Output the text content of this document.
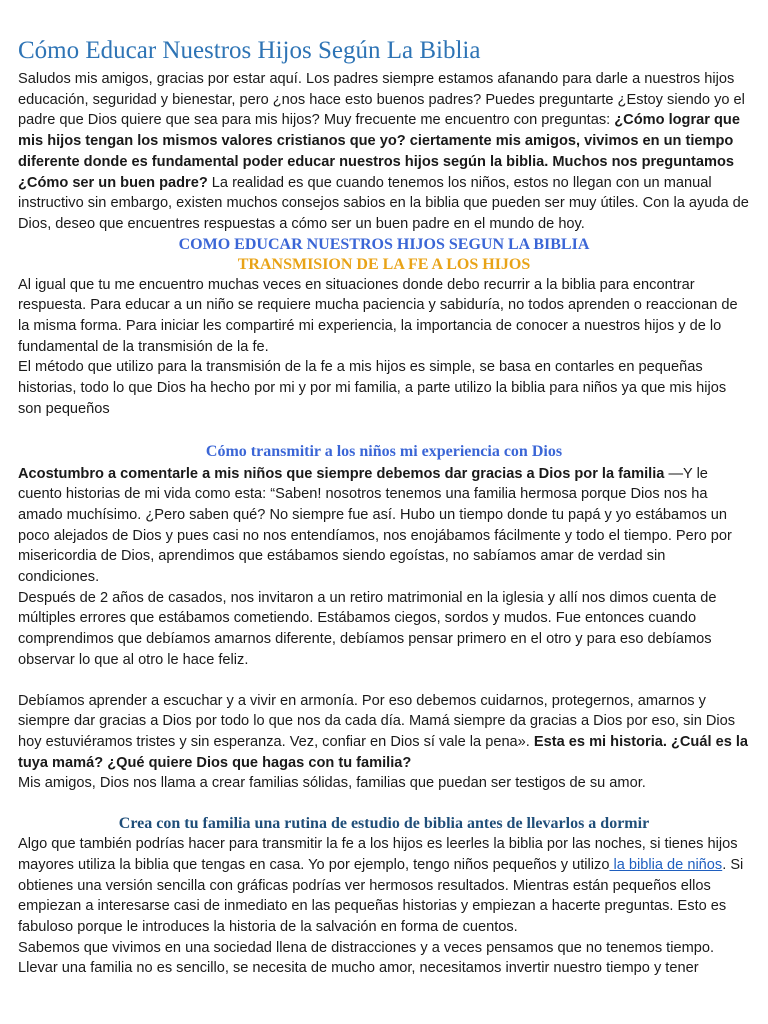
Cómo Educar Nuestros Hijos Según La Biblia

Saludos mis amigos, gracias por estar aquí. Los padres siempre estamos afanando para darle a nuestros hijos educación, seguridad y bienestar, pero ¿nos hace esto buenos padres? Puedes preguntarte ¿Estoy siendo yo el padre que Dios quiere que sea para mis hijos? Muy frecuente me encuentro con preguntas: ¿Cómo lograr que mis hijos tengan los mismos valores cristianos que yo? ciertamente mis amigos, vivimos en un tiempo diferente donde es fundamental poder educar nuestros hijos según la biblia. Muchos nos preguntamos ¿Cómo ser un buen padre? La realidad es que cuando tenemos los niños, estos no llegan con un manual instructivo sin embargo, existen muchos consejos sabios en la biblia que pueden ser muy útiles. Con la ayuda de Dios, deseo que encuentres respuestas a cómo ser un buen padre en el mundo de hoy.

COMO EDUCAR NUESTROS HIJOS SEGUN LA BIBLIA
TRANSMISION DE LA FE A LOS HIJOS

Al igual que tu me encuentro muchas veces en situaciones donde debo recurrir a la biblia para encontrar respuesta. Para educar a un niño se requiere mucha paciencia y sabiduría, no todos aprenden o reaccionan de la misma forma. Para iniciar les compartiré mi experiencia, la importancia de conocer a nuestros hijos y de lo fundamental de la transmisión de la fe.

El método que utilizo para la transmisión de la fe a mis hijos es simple, se basa en contarles en pequeñas historias, todo lo que Dios ha hecho por mi y por mi familia, a parte utilizo la biblia para niños ya que mis hijos son pequeños

Cómo transmitir a los niños mi experiencia con Dios

Acostumbro a comentarle a mis niños que siempre debemos dar gracias a Dios por la familia —Y le cuento historias de mi vida como esta: “Saben! nosotros tenemos una familia hermosa porque Dios nos ha amado muchísimo. ¿Pero saben qué? No siempre fue así. Hubo un tiempo donde tu papá y yo estábamos un poco alejados de Dios y pues casi no nos entendíamos, nos enojábamos fácilmente y todo el tiempo. Pero por misericordia de Dios, aprendimos que estábamos siendo egoístas, no sabíamos amar de verdad sin condiciones.

Después de 2 años de casados, nos invitaron a un retiro matrimonial en la iglesia y allí nos dimos cuenta de múltiples errores que estábamos cometiendo. Estábamos ciegos, sordos y mudos. Fue entonces cuando comprendimos que debíamos amarnos diferente, debíamos pensar primero en el otro y para eso debíamos observar lo que al otro le hace feliz.

Debíamos aprender a escuchar y a vivir en armonía. Por eso debemos cuidarnos, protegernos, amarnos y siempre dar gracias a Dios por todo lo que nos da cada día. Mamá siempre da gracias a Dios por eso, sin Dios hoy estuviéramos tristes y sin esperanza. Vez, confiar en Dios sí vale la pena». Esta es mi historia. ¿Cuál es la tuya mamá? ¿Qué quiere Dios que hagas con tu familia?

Mis amigos, Dios nos llama a crear familias sólidas, familias que puedan ser testigos de su amor.

Crea con tu familia una rutina de estudio de biblia antes de llevarlos a dormir

Algo que también podrías hacer para transmitir la fe a los hijos es leerles la biblia por las noches, si tienes hijos mayores utiliza la biblia que tengas en casa. Yo por ejemplo, tengo niños pequeños y utilizo la biblia de niños. Si obtienes una versión sencilla con gráficas podrías ver hermosos resultados. Mientras están pequeños ellos empiezan a interesarse casi de inmediato en las pequeñas historias y empiezan a hacerte preguntas. Esto es fabuloso porque le introduces la historia de la salvación en forma de cuentos.

Sabemos que vivimos en una sociedad llena de distracciones y a veces pensamos que no tenemos tiempo. Llevar una familia no es sencillo, se necesita de mucho amor, necesitamos invertir nuestro tiempo y tener
